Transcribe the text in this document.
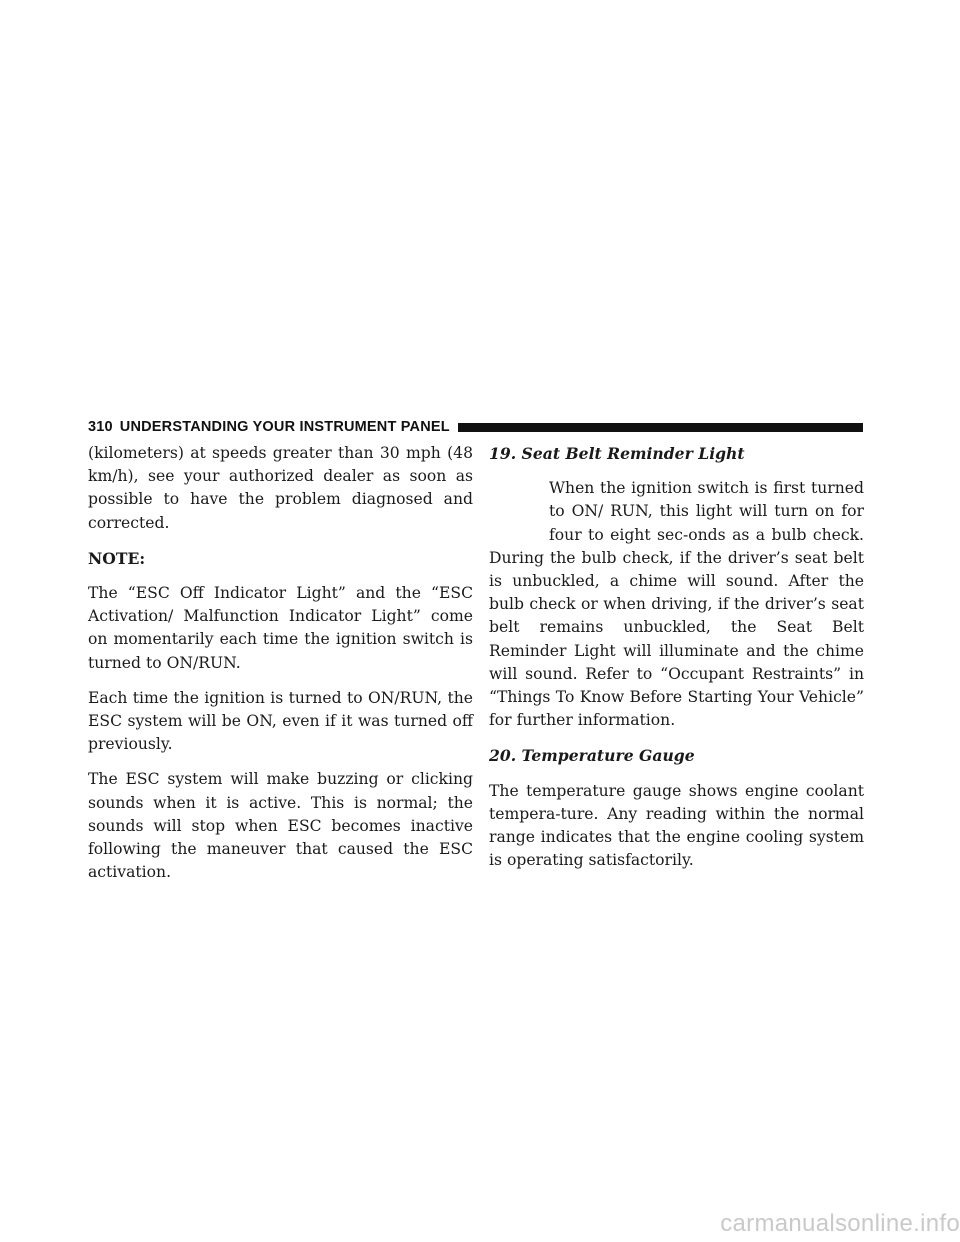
310 UNDERSTANDING YOUR INSTRUMENT PANEL

(kilometers) at speeds greater than 30 mph (48 km/h), see your authorized dealer as soon as possible to have the problem diagnosed and corrected.

NOTE:

The “ESC Off Indicator Light” and the “ESC Activation/ Malfunction Indicator Light” come on momentarily each time the ignition switch is turned to ON/RUN.

Each time the ignition is turned to ON/RUN, the ESC system will be ON, even if it was turned off previously.

The ESC system will make buzzing or clicking sounds when it is active. This is normal; the sounds will stop when ESC becomes inactive following the maneuver that caused the ESC activation.

19. Seat Belt Reminder Light

When the ignition switch is first turned to ON/ RUN, this light will turn on for four to eight sec-onds as a bulb check. During the bulb check, if the driver’s seat belt is unbuckled, a chime will sound. After the bulb check or when driving, if the driver’s seat belt remains unbuckled, the Seat Belt Reminder Light will illuminate and the chime will sound. Refer to “Occupant Restraints” in “Things To Know Before Starting Your Vehicle” for further information.

20. Temperature Gauge

The temperature gauge shows engine coolant tempera-ture. Any reading within the normal range indicates that the engine cooling system is operating satisfactorily.

carmanualsonline.info
